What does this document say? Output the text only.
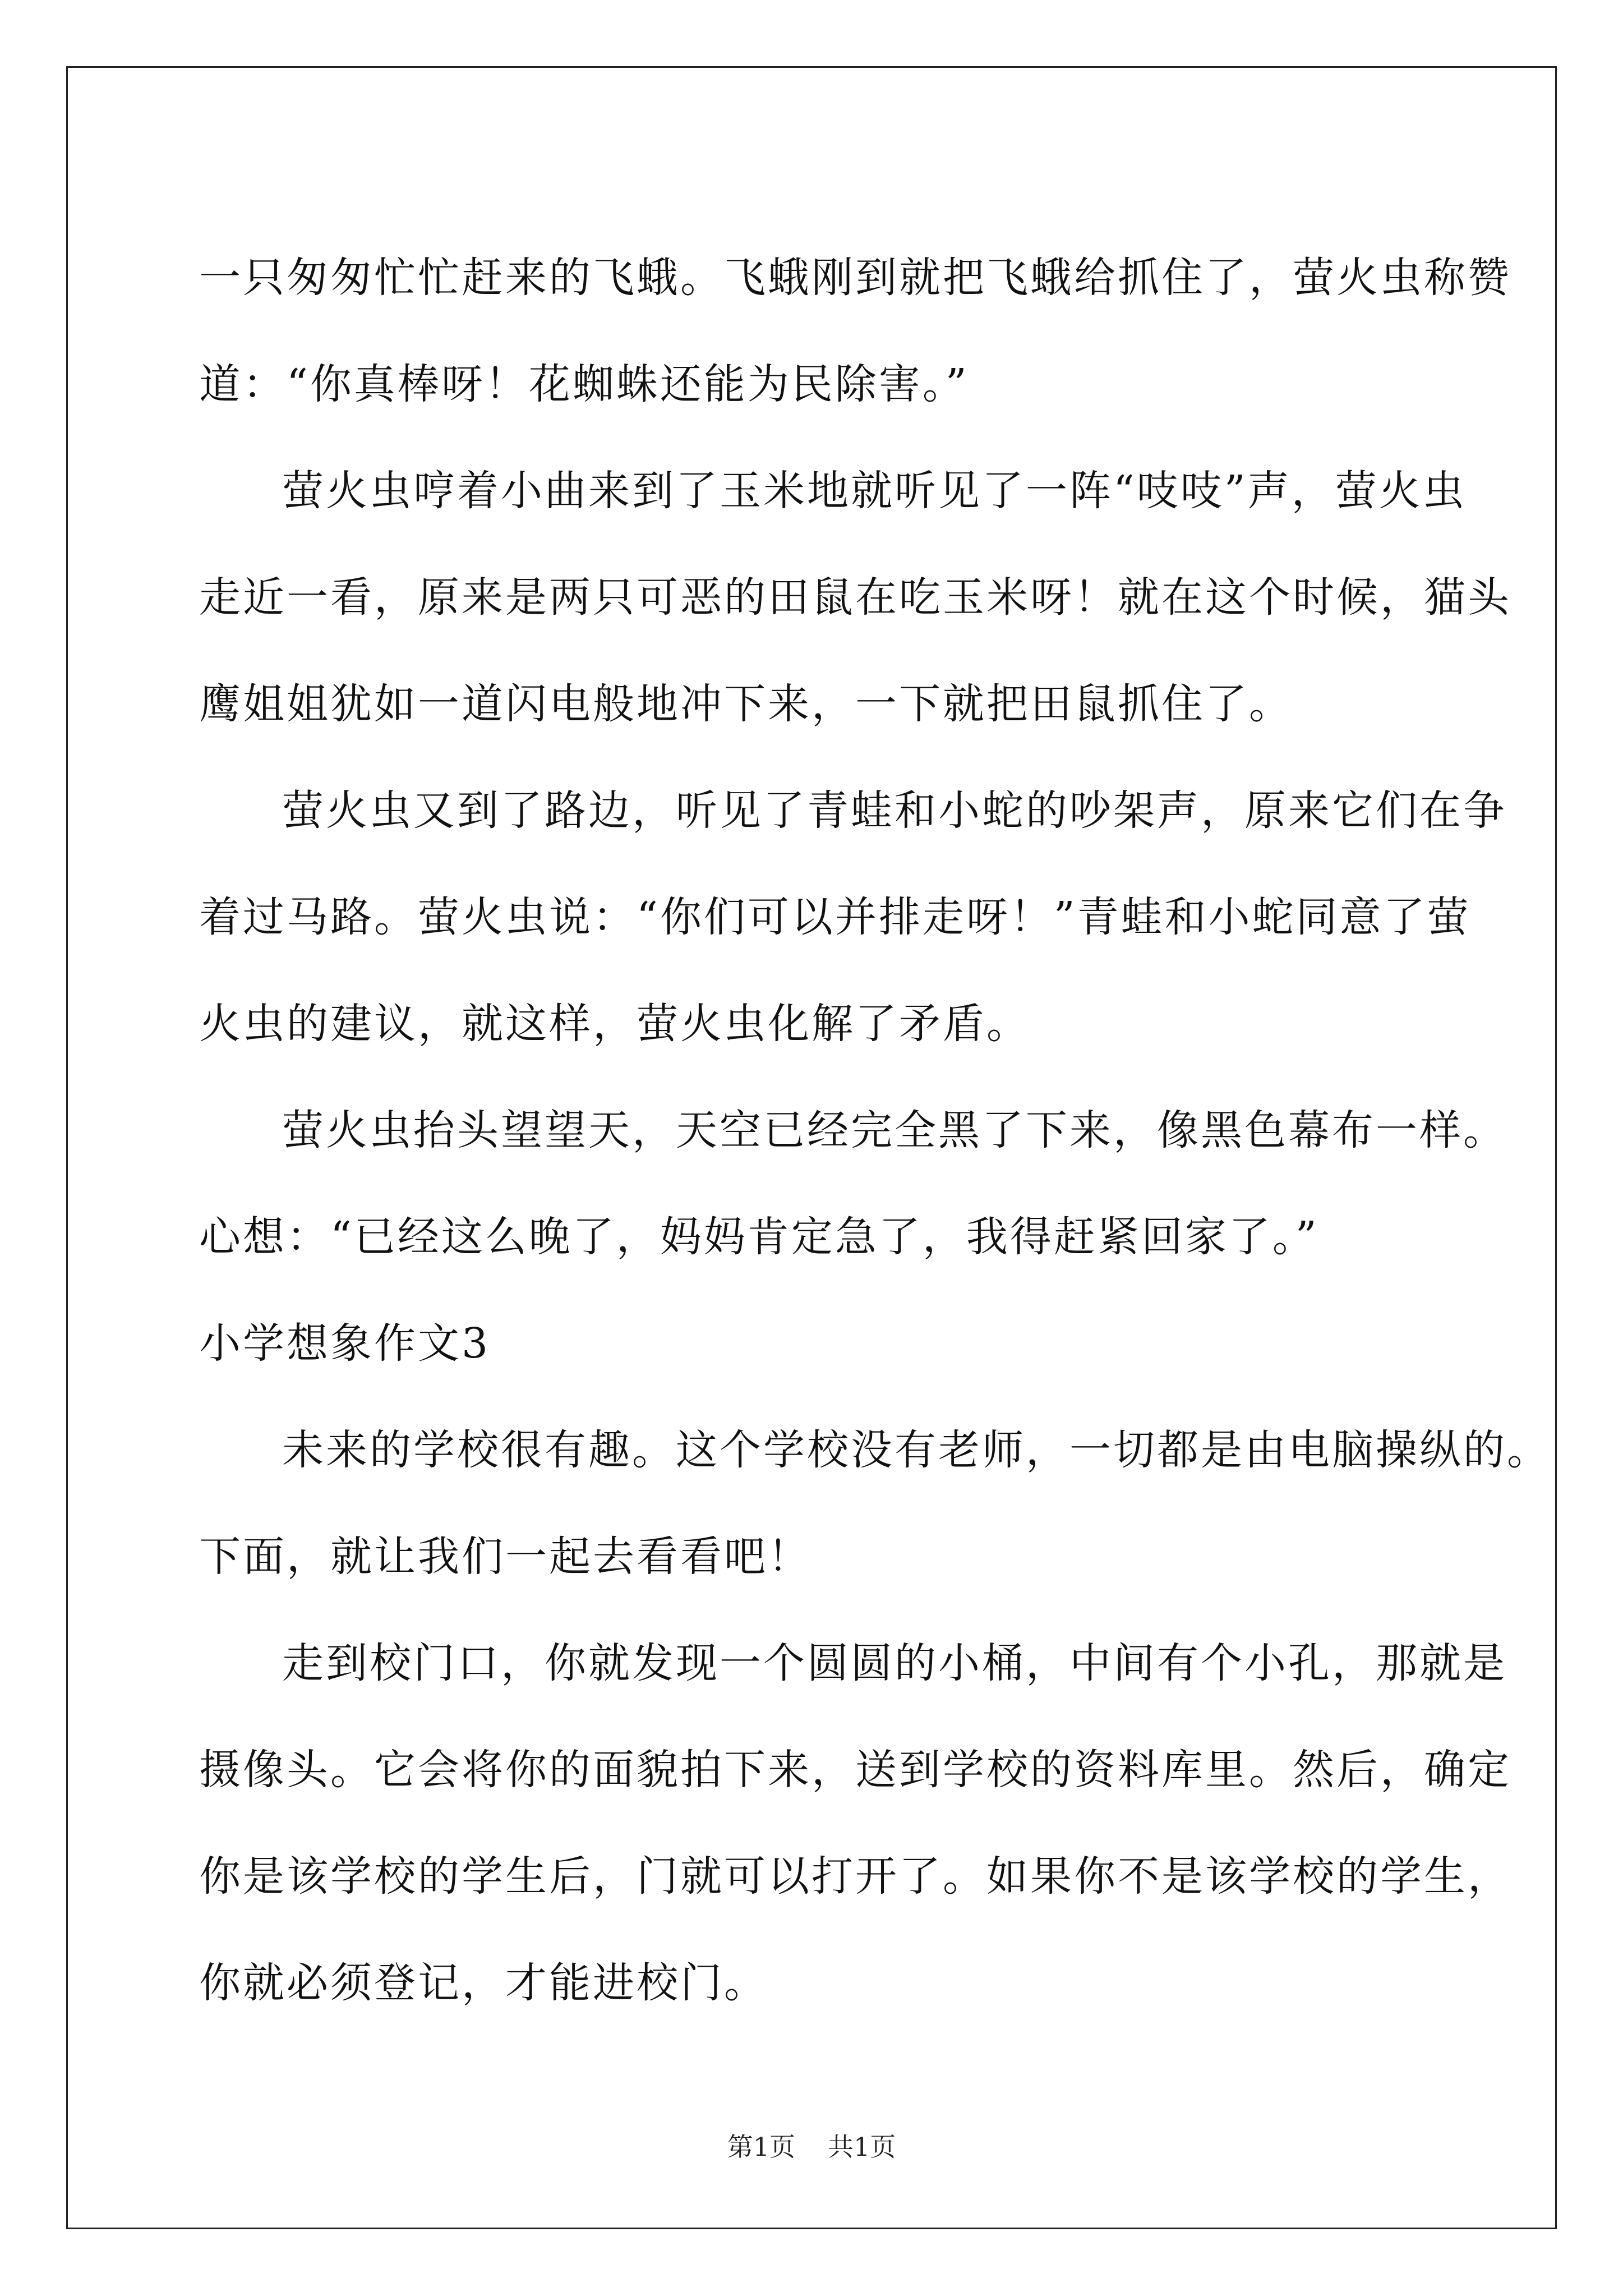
一只匆匆忙忙赶来的飞蛾。飞蛾刚到就把飞蛾给抓住了，萤火虫称赞
道：“你真棒呀！花蜘蛛还能为民除害。”
萤火虫哼着小曲来到了玉米地就听见了一阵“吱吱”声，萤火虫
走近一看，原来是两只可恶的田鼠在吃玉米呀！就在这个时候，猫头
鹰姐姐犹如一道闪电般地冲下来，一下就把田鼠抓住了。
萤火虫又到了路边，听见了青蛙和小蛇的吵架声，原来它们在争
着过马路。萤火虫说：“你们可以并排走呀！”青蛙和小蛇同意了萤
火虫的建议，就这样，萤火虫化解了矛盾。
萤火虫抬头望望天，天空已经完全黑了下来，像黑色幕布一样。
心想：“已经这么晚了，妈妈肯定急了，我得赶紧回家了。”
小学想象作文3
未来的学校很有趣。这个学校没有老师，一切都是由电脑操纵的。
下面，就让我们一起去看看吧！
走到校门口，你就发现一个圆圆的小桶，中间有个小孔，那就是
摄像头。它会将你的面貌拍下来，送到学校的资料库里。然后，确定
你是该学校的学生后，门就可以打开了。如果你不是该学校的学生，
你就必须登记，才能进校门。
第1页 共1页
